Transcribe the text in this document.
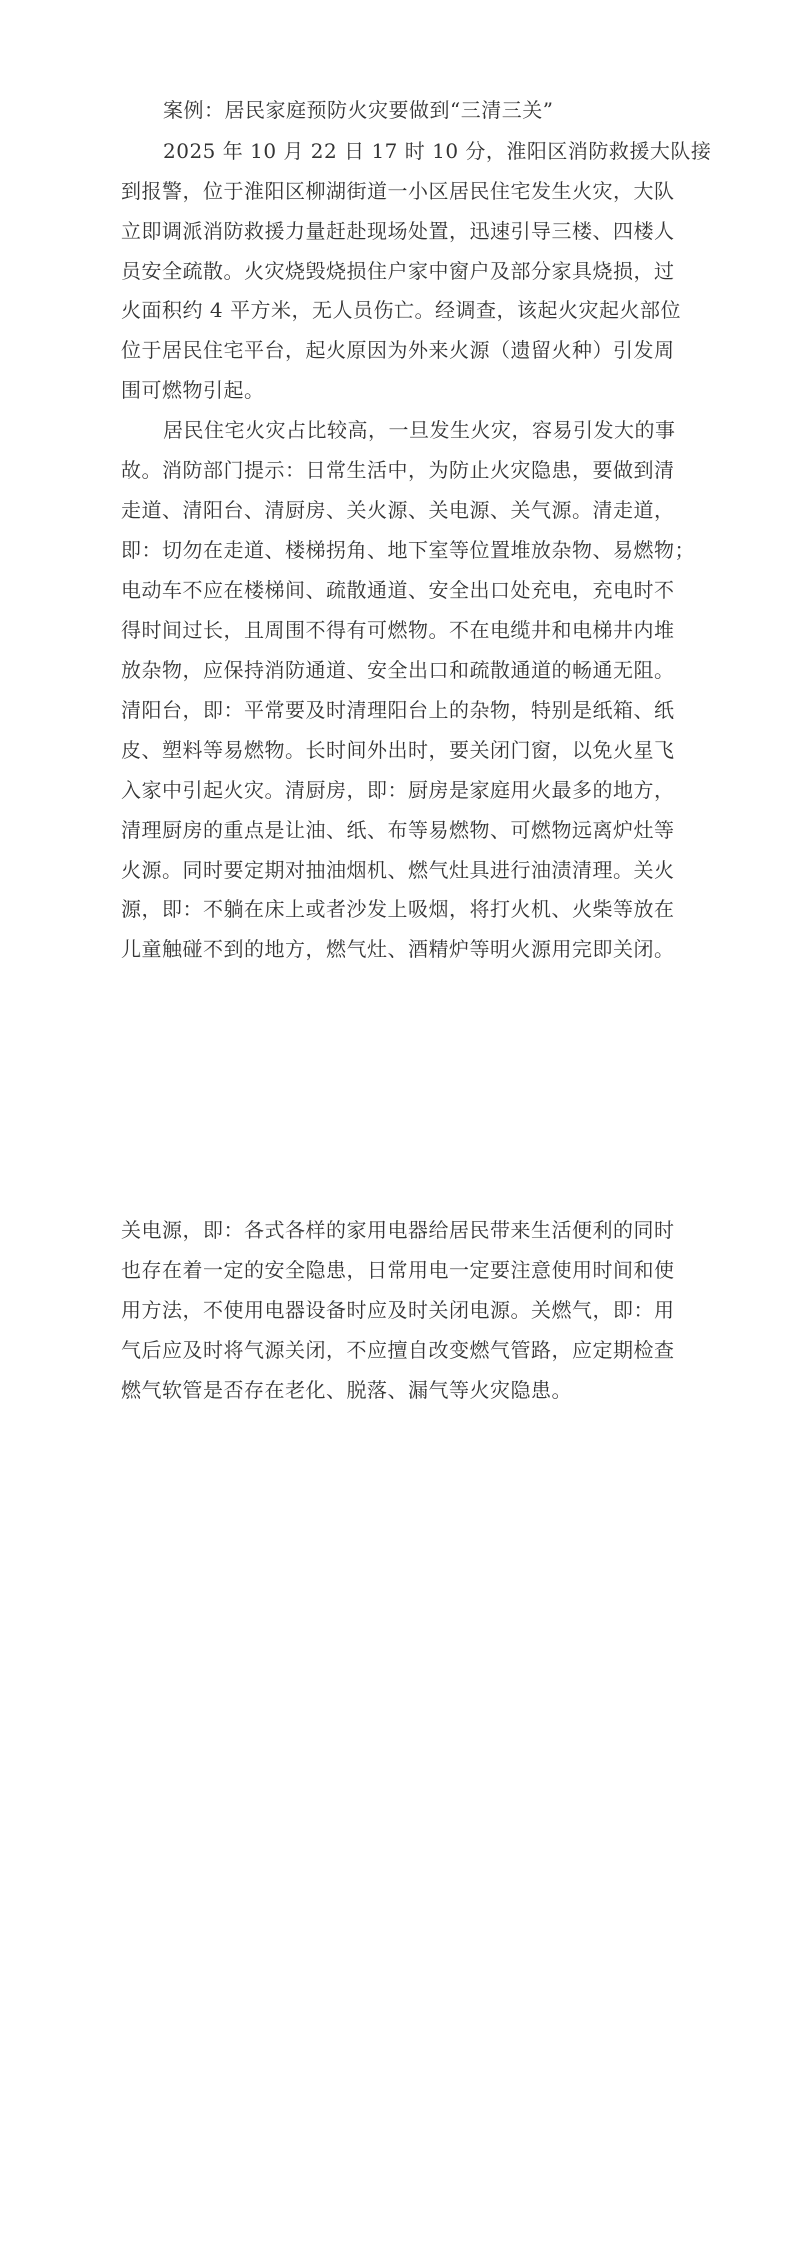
案例：居民家庭预防火灾要做到“三清三关”

2025 年 10 月 22 日 17 时 10 分，淮阳区消防救援大队接

到报警，位于淮阳区柳湖街道一小区居民住宅发生火灾，大队

立即调派消防救援力量赶赴现场处置，迅速引导三楼、四楼人

员安全疏散。火灾烧毁烧损住户家中窗户及部分家具烧损，过

火面积约 4 平方米，无人员伤亡。经调查，该起火灾起火部位

位于居民住宅平台，起火原因为外来火源（遗留火种）引发周

围可燃物引起。

居民住宅火灾占比较高，一旦发生火灾，容易引发大的事

故。消防部门提示：日常生活中，为防止火灾隐患，要做到清

走道、清阳台、清厨房、关火源、关电源、关气源。清走道，

即：切勿在走道、楼梯拐角、地下室等位置堆放杂物、易燃物；

电动车不应在楼梯间、疏散通道、安全出口处充电，充电时不

得时间过长，且周围不得有可燃物。不在电缆井和电梯井内堆

放杂物，应保持消防通道、安全出口和疏散通道的畅通无阻。

清阳台，即：平常要及时清理阳台上的杂物，特别是纸箱、纸

皮、塑料等易燃物。长时间外出时，要关闭门窗，以免火星飞

入家中引起火灾。清厨房，即：厨房是家庭用火最多的地方，

清理厨房的重点是让油、纸、布等易燃物、可燃物远离炉灶等

火源。同时要定期对抽油烟机、燃气灶具进行油渍清理。关火

源，即：不躺在床上或者沙发上吸烟，将打火机、火柴等放在

儿童触碰不到的地方，燃气灶、酒精炉等明火源用完即关闭。

关电源，即：各式各样的家用电器给居民带来生活便利的同时

也存在着一定的安全隐患，日常用电一定要注意使用时间和使

用方法，不使用电器设备时应及时关闭电源。关燃气，即：用

气后应及时将气源关闭，不应擅自改变燃气管路，应定期检查

燃气软管是否存在老化、脱落、漏气等火灾隐患。
